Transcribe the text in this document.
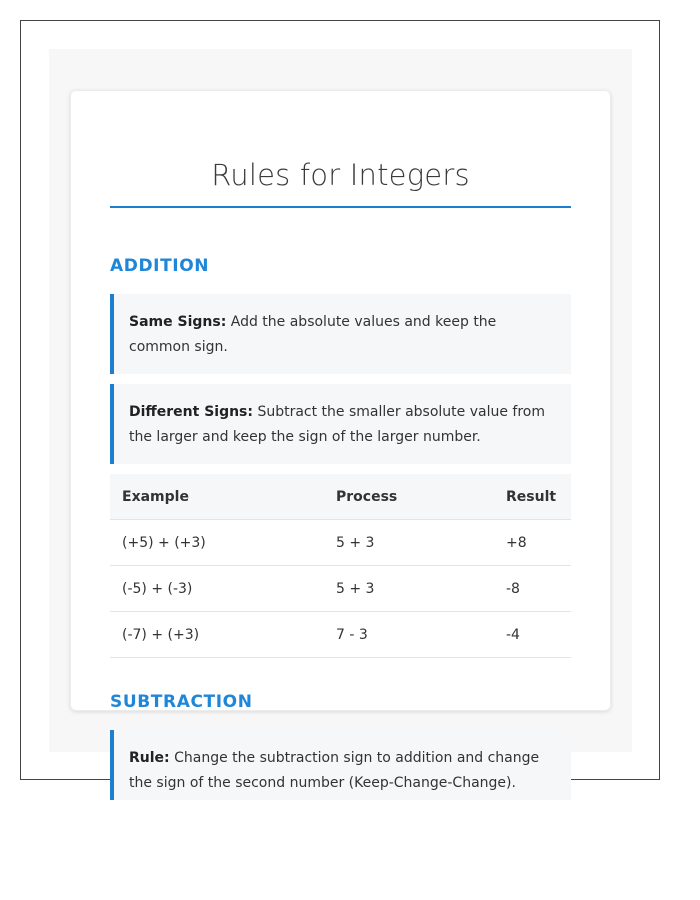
Rules for Integers
ADDITION
Same Signs: Add the absolute values and keep the common sign.
Different Signs: Subtract the smaller absolute value from the larger and keep the sign of the larger number.
Example	Process	Result
(+5) + (+3)	5 + 3	+8
(-5) + (-3)	5 + 3	-8
(-7) + (+3)	7 - 3	-4
SUBTRACTION
Rule: Change the subtraction sign to addition and change the sign of the second number (Keep-Change-Change).
